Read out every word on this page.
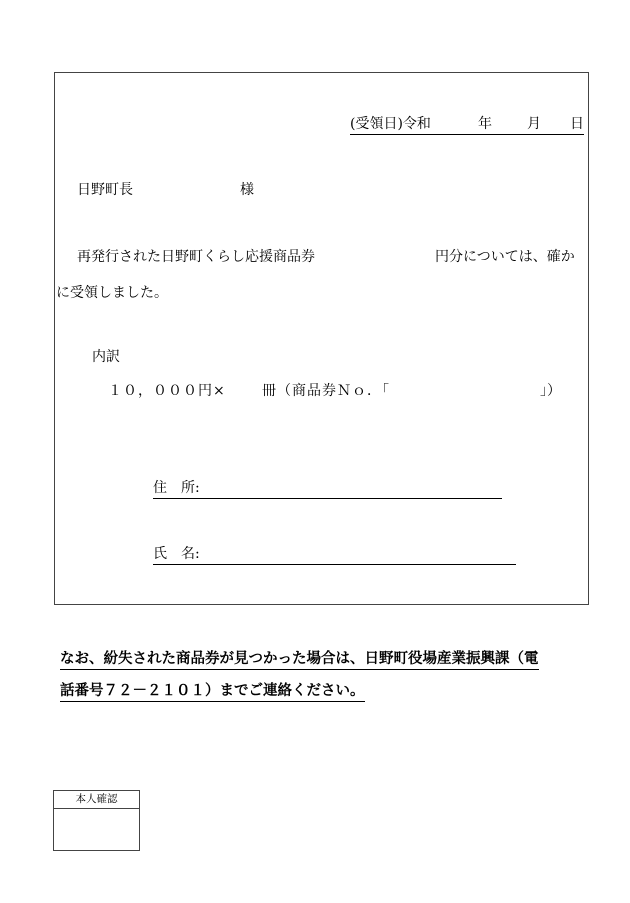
(受領日)令和	年	月 日
日野町長	様
再発行された日野町くらし応援商品券	円分については、確か
に受領しました。
内訳
１０，０００円×	冊（商品券Ｎｏ．「	」）
住　所:
氏　名:
なお、紛失された商品券が見つかった場合は、日野町役場産業振興課（電
話番号７２－２１０１）までご連絡ください。
本人確認
